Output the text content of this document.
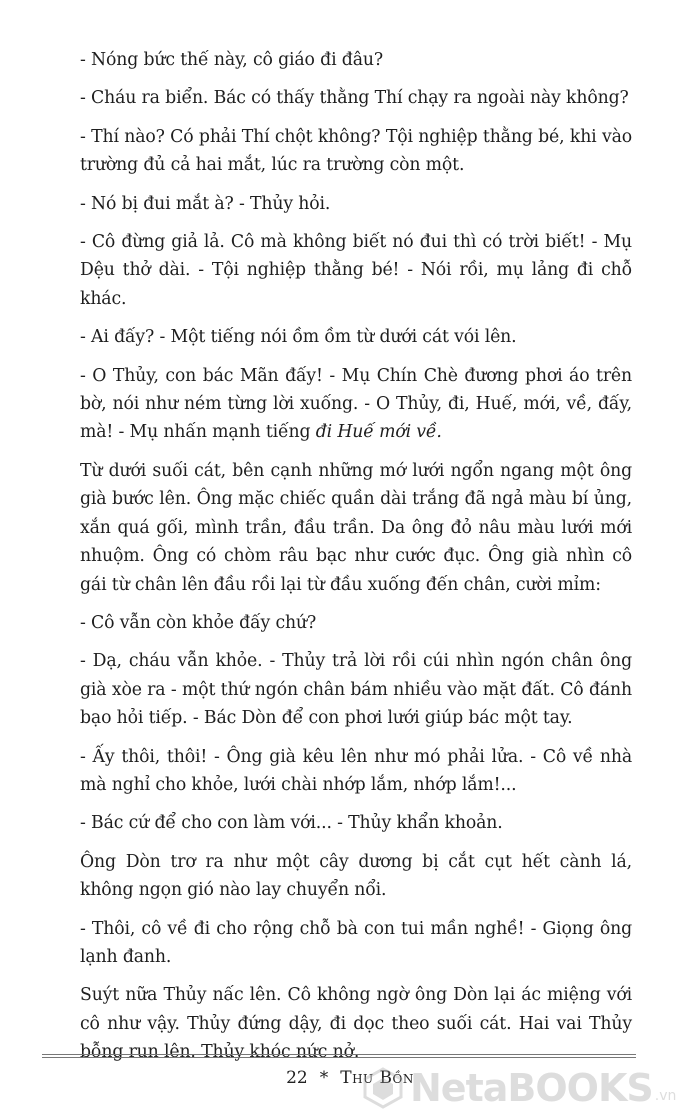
- Nóng bức thế này, cô giáo đi đâu?

- Cháu ra biển. Bác có thấy thằng Thí chạy ra ngoài này không?

- Thí nào? Có phải Thí chột không? Tội nghiệp thằng bé, khi vào trường đủ cả hai mắt, lúc ra trường còn một.

- Nó bị đui mắt à? - Thủy hỏi.

- Cô đừng giả lả. Cô mà không biết nó đui thì có trời biết! - Mụ Dệu thở dài. - Tội nghiệp thằng bé! - Nói rồi, mụ lảng đi chỗ khác.

- Ai đấy? - Một tiếng nói ồm ồm từ dưới cát vói lên.

- O Thủy, con bác Mãn đấy! - Mụ Chín Chè đương phơi áo trên bờ, nói như ném từng lời xuống. - O Thủy, đi, Huế, mới, về, đấy, mà! - Mụ nhấn mạnh tiếng đi Huế mới về.

Từ dưới suối cát, bên cạnh những mớ lưới ngổn ngang một ông già bước lên. Ông mặc chiếc quần dài trắng đã ngả màu bí ủng, xắn quá gối, mình trần, đầu trần. Da ông đỏ nâu màu lưới mới nhuộm. Ông có chòm râu bạc như cước đục. Ông già nhìn cô gái từ chân lên đầu rồi lại từ đầu xuống đến chân, cười mỉm:

- Cô vẫn còn khỏe đấy chứ?

- Dạ, cháu vẫn khỏe. - Thủy trả lời rồi cúi nhìn ngón chân ông già xòe ra - một thứ ngón chân bám nhiều vào mặt đất. Cô đánh bạo hỏi tiếp. - Bác Dòn để con phơi lưới giúp bác một tay.

- Ấy thôi, thôi! - Ông già kêu lên như mó phải lửa. - Cô về nhà mà nghỉ cho khỏe, lưới chài nhớp lắm, nhớp lắm!...

- Bác cứ để cho con làm với... - Thủy khẩn khoản.

Ông Dòn trơ ra như một cây dương bị cắt cụt hết cành lá, không ngọn gió nào lay chuyển nổi.

- Thôi, cô về đi cho rộng chỗ bà con tui mần nghề! - Giọng ông lạnh đanh.

Suýt nữa Thủy nấc lên. Cô không ngờ ông Dòn lại ác miệng với cô như vậy. Thủy đứng dậy, đi dọc theo suối cát. Hai vai Thủy bỗng run lên. Thủy khóc nức nở.

22 * Thu Bồn
NetaBOOKS .vn
